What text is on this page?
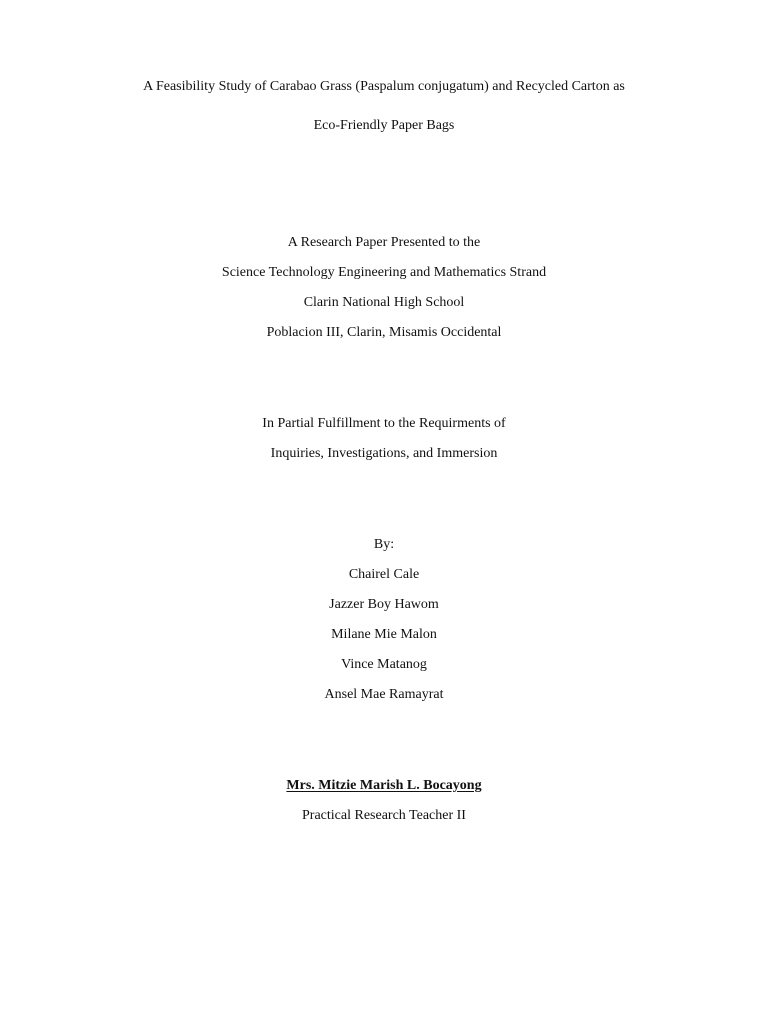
A Feasibility Study of Carabao Grass (Paspalum conjugatum) and Recycled Carton as
Eco-Friendly Paper Bags
A Research Paper Presented to the
Science Technology Engineering and Mathematics Strand
Clarin National High School
Poblacion III, Clarin, Misamis Occidental
In Partial Fulfillment to the Requirments of
Inquiries, Investigations, and Immersion
By:
Chairel Cale
Jazzer Boy Hawom
Milane Mie Malon
Vince Matanog
Ansel Mae Ramayrat
Mrs. Mitzie Marish L. Bocayong
Practical Research Teacher II
